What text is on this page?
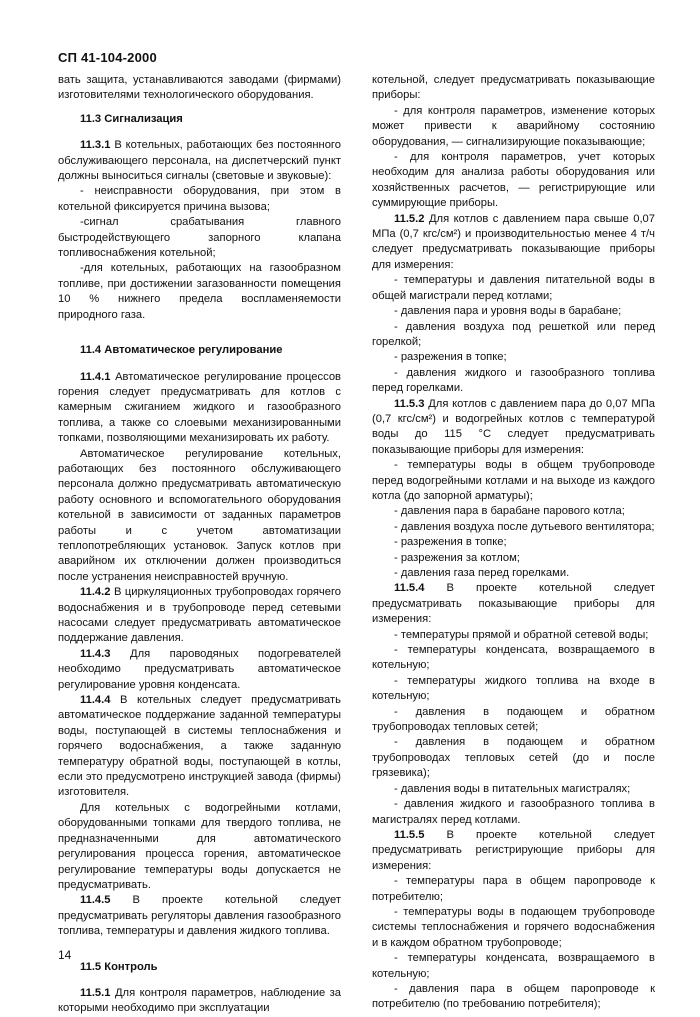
СП 41-104-2000

вать защита, устанавливаются заводами (фирмами) изготовителями технологического оборудования.

11.3 Сигнализация

11.3.1 В котельных, работающих без постоянного обслуживающего персонала, на диспетчерский пункт должны выноситься сигналы (световые и звуковые):

- неисправности оборудования, при этом в котельной фиксируется причина вызова;

-сигнал срабатывания главного быстродействующего запорного клапана топливоснабжения котельной;

-для котельных, работающих на газообразном топливе, при достижении загазованности помещения 10 % нижнего предела воспламеняемости природного газа.

11.4 Автоматическое регулирование

11.4.1 Автоматическое регулирование процессов горения следует предусматривать для котлов с камерным сжиганием жидкого и газообразного топлива, а также со слоевыми механизированными топками, позволяющими механизировать их работу.

Автоматическое регулирование котельных, работающих без постоянного обслуживающего персонала должно предусматривать автоматическую работу основного и вспомогательного оборудования котельной в зависимости от заданных параметров работы и с учетом автоматизации теплопотребляющих установок. Запуск котлов при аварийном их отключении должен производиться после устранения неисправностей вручную.

11.4.2 В циркуляционных трубопроводах горячего водоснабжения и в трубопроводе перед сетевыми насосами следует предусматривать автоматическое поддержание давления.

11.4.3 Для пароводяных подогревателей необходимо предусматривать автоматическое регулирование уровня конденсата.

11.4.4 В котельных следует предусматривать автоматическое поддержание заданной температуры воды, поступающей в системы теплоснабжения и горячего водоснабжения, а также заданную температуру обратной воды, поступающей в котлы, если это предусмотрено инструкцией завода (фирмы) изготовителя.

Для котельных с водогрейными котлами, оборудованными топками для твердого топлива, не предназначенными для автоматического регулирования процесса горения, автоматическое регулирование температуры воды допускается не предусматривать.

11.4.5 В проекте котельной следует предусматривать регуляторы давления газообразного топлива, температуры и давления жидкого топлива.

11.5 Контроль

11.5.1 Для контроля параметров, наблюдение за которыми необходимо при эксплуатации

котельной, следует предусматривать показывающие приборы:

- для контроля параметров, изменение которых может привести к аварийному состоянию оборудования, — сигнализирующие показывающие;

- для контроля параметров, учет которых необходим для анализа работы оборудования или хозяйственных расчетов, — регистрирующие или суммирующие приборы.

11.5.2 Для котлов с давлением пара свыше 0,07 МПа (0,7 кгс/см²) и производительностью менее 4 т/ч следует предусматривать показывающие приборы для измерения:

- температуры и давления питательной воды в общей магистрали перед котлами;

- давления пара и уровня воды в барабане;

- давления воздуха под решеткой или перед горелкой;

- разрежения в топке;

- давления жидкого и газообразного топлива перед горелками.

11.5.3 Для котлов с давлением пара до 0,07 МПа (0,7 кгс/см²) и водогрейных котлов с температурой воды до 115 °С следует предусматривать показывающие приборы для измерения:

- температуры воды в общем трубопроводе перед водогрейными котлами и на выходе из каждого котла (до запорной арматуры);

- давления пара в барабане парового котла;

- давления воздуха после дутьевого вентилятора;

- разрежения в топке;

- разрежения за котлом;

- давления газа перед горелками.

11.5.4 В проекте котельной следует предусматривать показывающие приборы для измерения:

- температуры прямой и обратной сетевой воды;

- температуры конденсата, возвращаемого в котельную;

- температуры жидкого топлива на входе в котельную;

- давления в подающем и обратном трубопроводах тепловых сетей;

- давления в подающем и обратном трубопроводах тепловых сетей (до и после грязевика);

- давления воды в питательных магистралях;

- давления жидкого и газообразного топлива в магистралях перед котлами.

11.5.5 В проекте котельной следует предусматривать регистрирующие приборы для измерения:

- температуры пара в общем паропроводе к потребителю;

- температуры воды в подающем трубопроводе системы теплоснабжения и горячего водоснабжения и в каждом обратном трубопроводе;

- температуры конденсата, возвращаемого в котельную;

- давления пара в общем паропроводе к потребителю (по требованию потребителя);

14
